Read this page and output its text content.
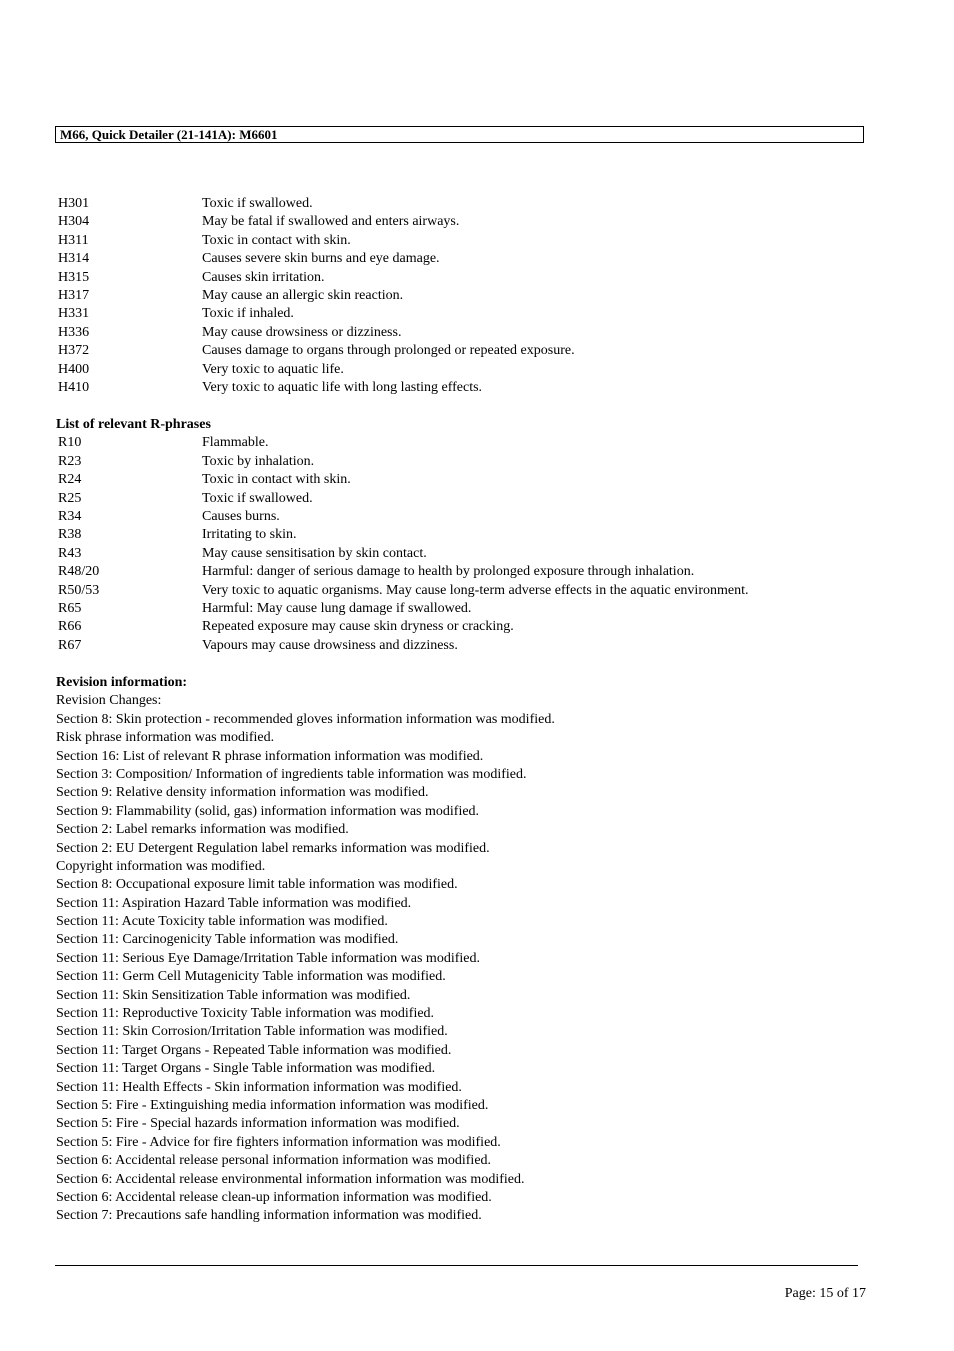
M66, Quick Detailer (21-141A): M6601
H301	Toxic if swallowed.
H304	May be fatal if swallowed and enters airways.
H311	Toxic in contact with skin.
H314	Causes severe skin burns and eye damage.
H315	Causes skin irritation.
H317	May cause an allergic skin reaction.
H331	Toxic if inhaled.
H336	May cause drowsiness or dizziness.
H372	Causes damage to organs through prolonged or repeated exposure.
H400	Very toxic to aquatic life.
H410	Very toxic to aquatic life with long lasting effects.
List of relevant R-phrases
R10	Flammable.
R23	Toxic by inhalation.
R24	Toxic in contact with skin.
R25	Toxic if swallowed.
R34	Causes burns.
R38	Irritating to skin.
R43	May cause sensitisation by skin contact.
R48/20	Harmful: danger of serious damage to health by prolonged exposure through inhalation.
R50/53	Very toxic to aquatic organisms. May cause long-term adverse effects in the aquatic environment.
R65	Harmful: May cause lung damage if swallowed.
R66	Repeated exposure may cause skin dryness or cracking.
R67	Vapours may cause drowsiness and dizziness.
Revision information:
Revision Changes:
Section 8: Skin protection - recommended gloves information information was modified.
Risk phrase information was modified.
Section 16: List of relevant R phrase information information was modified.
Section 3: Composition/ Information of ingredients table information was modified.
Section 9: Relative density information information was modified.
Section 9: Flammability (solid, gas) information information was modified.
Section 2: Label remarks information was modified.
Section 2: EU Detergent Regulation label remarks information was modified.
Copyright information was modified.
Section 8: Occupational exposure limit table information was modified.
Section 11: Aspiration Hazard Table information was modified.
Section 11: Acute Toxicity table information was modified.
Section 11: Carcinogenicity Table information was modified.
Section 11: Serious Eye Damage/Irritation Table information was modified.
Section 11: Germ Cell Mutagenicity Table information was modified.
Section 11: Skin Sensitization Table information was modified.
Section 11: Reproductive Toxicity Table information was modified.
Section 11: Skin Corrosion/Irritation Table information was modified.
Section 11: Target Organs - Repeated Table information was modified.
Section 11: Target Organs - Single Table information was modified.
Section 11: Health Effects - Skin information information was modified.
Section 5: Fire - Extinguishing media information information was modified.
Section 5: Fire - Special hazards information information was modified.
Section 5: Fire - Advice for fire fighters information information was modified.
Section 6: Accidental release personal information information was modified.
Section 6: Accidental release environmental information information was modified.
Section 6: Accidental release clean-up information information was modified.
Section 7: Precautions safe handling information information was modified.
Page: 15 of 17
